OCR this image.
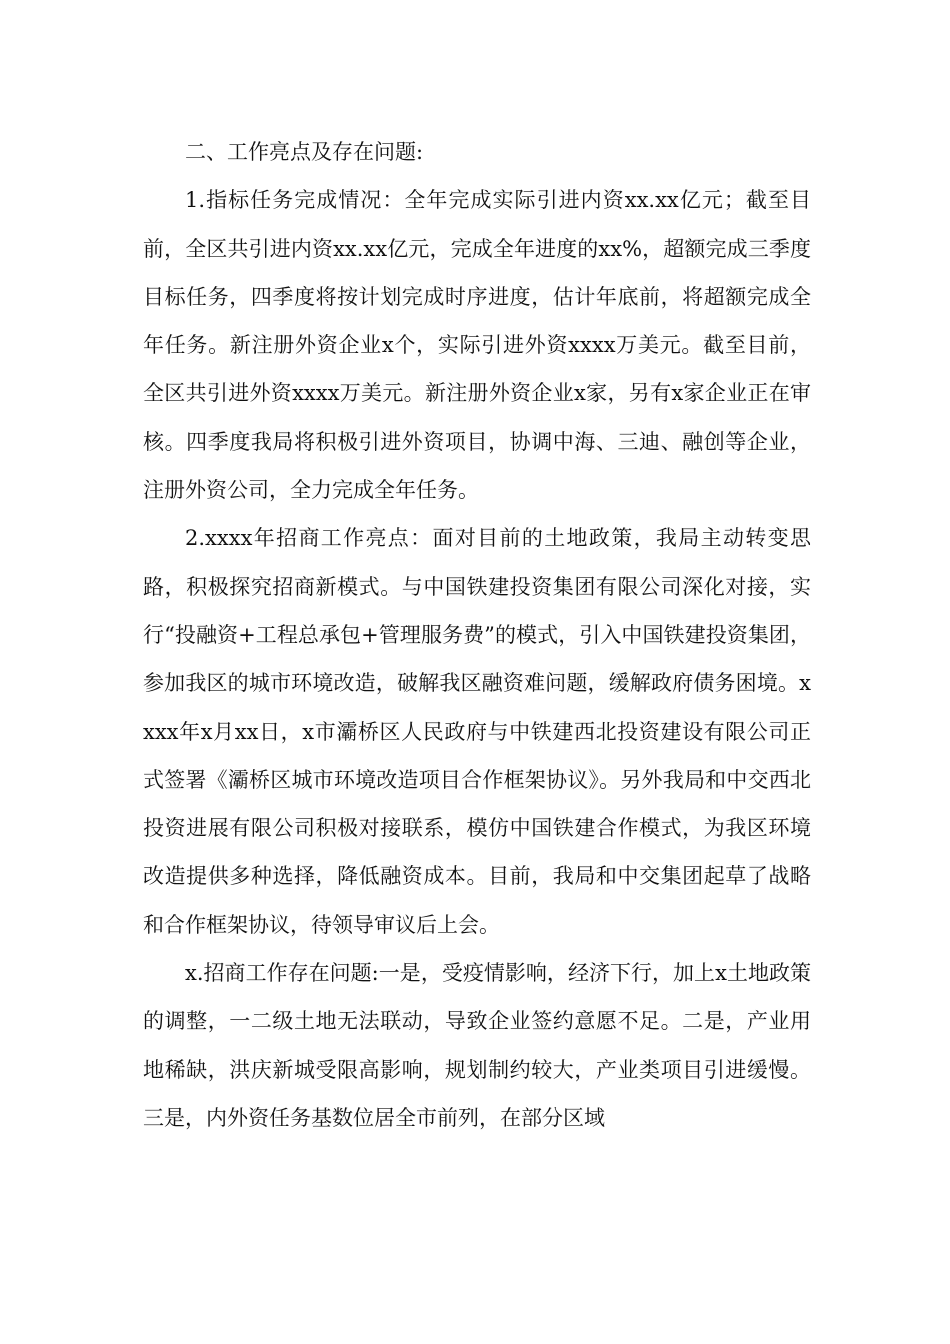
二、工作亮点及存在问题:

1.指标任务完成情况：全年完成实际引进内资xx.xx亿元；截至目前，全区共引进内资xx.xx亿元，完成全年进度的xx%，超额完成三季度目标任务，四季度将按计划完成时序进度，估计年底前，将超额完成全年任务。新注册外资企业x个，实际引进外资xxxx万美元。截至目前，全区共引进外资xxxx万美元。新注册外资企业x家，另有x家企业正在审核。四季度我局将积极引进外资项目，协调中海、三迪、融创等企业，注册外资公司，全力完成全年任务。

2.xxxx年招商工作亮点：面对目前的土地政策，我局主动转变思路，积极探究招商新模式。与中国铁建投资集团有限公司深化对接，实行“投融资+工程总承包+管理服务费”的模式，引入中国铁建投资集团，参加我区的城市环境改造，破解我区融资难问题，缓解政府债务困境。xxxx年x月xx日，x市灞桥区人民政府与中铁建西北投资建设有限公司正式签署《灞桥区城市环境改造项目合作框架协议》。另外我局和中交西北投资进展有限公司积极对接联系，模仿中国铁建合作模式，为我区环境改造提供多种选择，降低融资成本。目前，我局和中交集团起草了战略和合作框架协议，待领导审议后上会。

x.招商工作存在问题:一是，受疫情影响，经济下行，加上x土地政策的调整，一二级土地无法联动，导致企业签约意愿不足。二是，产业用地稀缺，洪庆新城受限高影响，规划制约较大，产业类项目引进缓慢。三是，内外资任务基数位居全市前列，在部分区域
